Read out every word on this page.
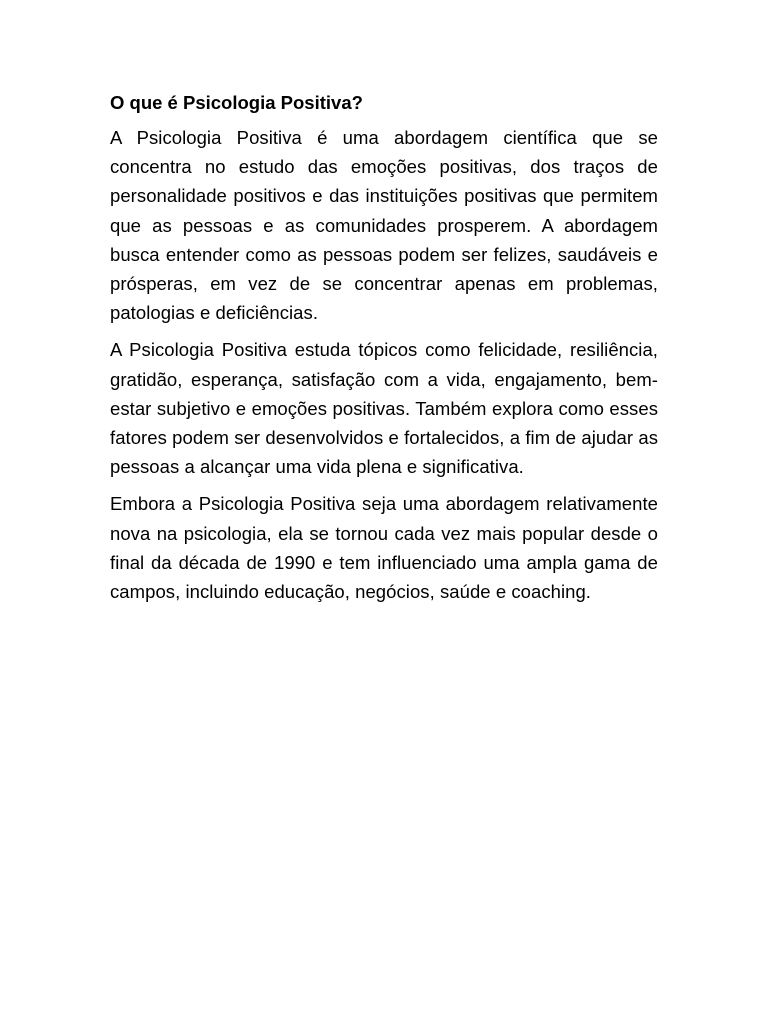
O que é Psicologia Positiva?

A Psicologia Positiva é uma abordagem científica que se concentra no estudo das emoções positivas, dos traços de personalidade positivos e das instituições positivas que permitem que as pessoas e as comunidades prosperem. A abordagem busca entender como as pessoas podem ser felizes, saudáveis e prósperas, em vez de se concentrar apenas em problemas, patologias e deficiências.

A Psicologia Positiva estuda tópicos como felicidade, resiliência, gratidão, esperança, satisfação com a vida, engajamento, bem-estar subjetivo e emoções positivas. Também explora como esses fatores podem ser desenvolvidos e fortalecidos, a fim de ajudar as pessoas a alcançar uma vida plena e significativa.

Embora a Psicologia Positiva seja uma abordagem relativamente nova na psicologia, ela se tornou cada vez mais popular desde o final da década de 1990 e tem influenciado uma ampla gama de campos, incluindo educação, negócios, saúde e coaching.
